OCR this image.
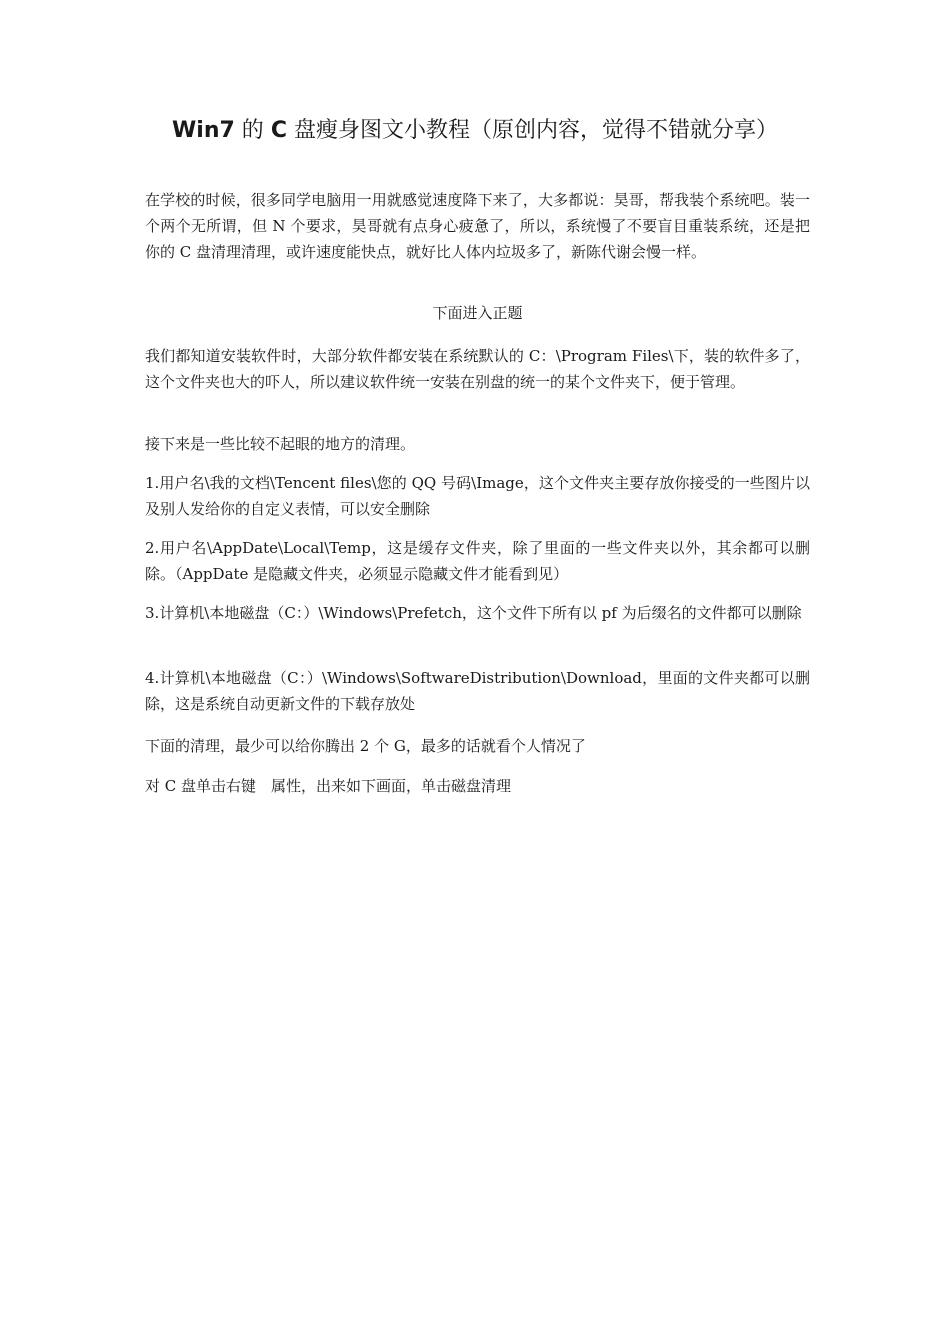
Win7 的 C 盘瘦身图文小教程（原创内容，觉得不错就分享）

在学校的时候，很多同学电脑用一用就感觉速度降下来了，大多都说：昊哥，帮我装个系统吧。装一个两个无所谓，但 N 个要求，昊哥就有点身心疲惫了，所以，系统慢了不要盲目重装系统，还是把你的 C 盘清理清理，或许速度能快点，就好比人体内垃圾多了，新陈代谢会慢一样。

下面进入正题

我们都知道安装软件时，大部分软件都安装在系统默认的 C：\Program Files\下，装的软件多了，这个文件夹也大的吓人，所以建议软件统一安装在别盘的统一的某个文件夹下，便于管理。

接下来是一些比较不起眼的地方的清理。

1.用户名\我的文档\Tencent files\您的 QQ 号码\Image，这个文件夹主要存放你接受的一些图片以及别人发给你的自定义表情，可以安全删除

2.用户名\AppDate\Local\Temp，这是缓存文件夹，除了里面的一些文件夹以外，其余都可以删除。（AppDate 是隐藏文件夹，必须显示隐藏文件才能看到见）

3.计算机\本地磁盘（C：）\Windows\Prefetch，这个文件下所有以 pf 为后缀名的文件都可以删除

4.计算机\本地磁盘（C：）\Windows\SoftwareDistribution\Download，里面的文件夹都可以删除，这是系统自动更新文件的下载存放处

下面的清理，最少可以给你腾出 2 个 G，最多的话就看个人情况了

对 C 盘单击右键　属性，出来如下画面，单击磁盘清理
